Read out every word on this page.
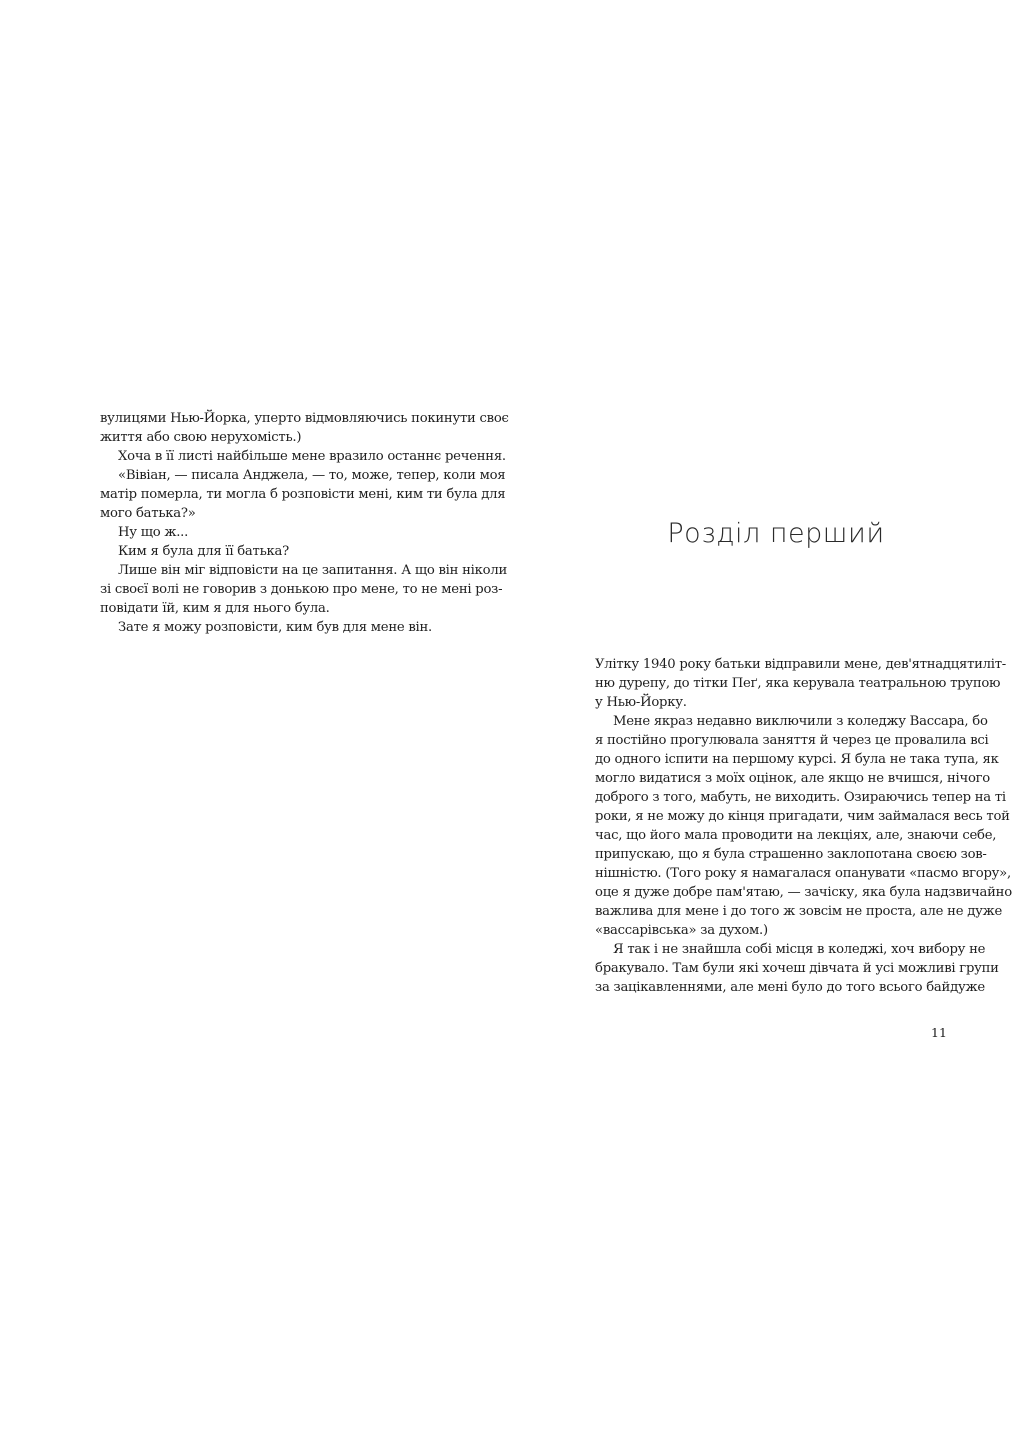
вулицями Нью-Йорка, уперто відмовляючись покинути своє

життя або свою нерухомість.)

Хоча в її листі найбільше мене вразило останнє речення.

«Вівіан, — писала Анджела, — то, може, тепер, коли моя

матір померла, ти могла б розповісти мені, ким ти була для

мого батька?»

Ну що ж...

Ким я була для її батька?

Лише він міг відповісти на це запитання. А що він ніколи

зі своєї волі не говорив з донькою про мене, то не мені роз-

повідати їй, ким я для нього була.

Зате я можу розповісти, ким був для мене він.

Розділ перший

Улітку 1940 року батьки відправили мене, дев'ятнадцятиліт-

ню дурепу, до тітки Пеґ, яка керувала театральною трупою

у Нью-Йорку.

Мене якраз недавно виключили з коледжу Вассара, бо

я постійно прогулювала заняття й через це провалила всі

до одного іспити на першому курсі. Я була не така тупа, як

могло видатися з моїх оцінок, але якщо не вчишся, нічого

доброго з того, мабуть, не виходить. Озираючись тепер на ті

роки, я не можу до кінця пригадати, чим займалася весь той

час, що його мала проводити на лекціях, але, знаючи себе,

припускаю, що я була страшенно заклопотана своєю зов-

нішністю. (Того року я намагалася опанувати «пасмо вгору»,

оце я дуже добре пам'ятаю, — зачіску, яка була надзвичайно

важлива для мене і до того ж зовсім не проста, але не дуже

«вассарівська» за духом.)

Я так і не знайшла собі місця в коледжі, хоч вибору не

бракувало. Там були які хочеш дівчата й усі можливі групи

за зацікавленнями, але мені було до того всього байдуже

11
